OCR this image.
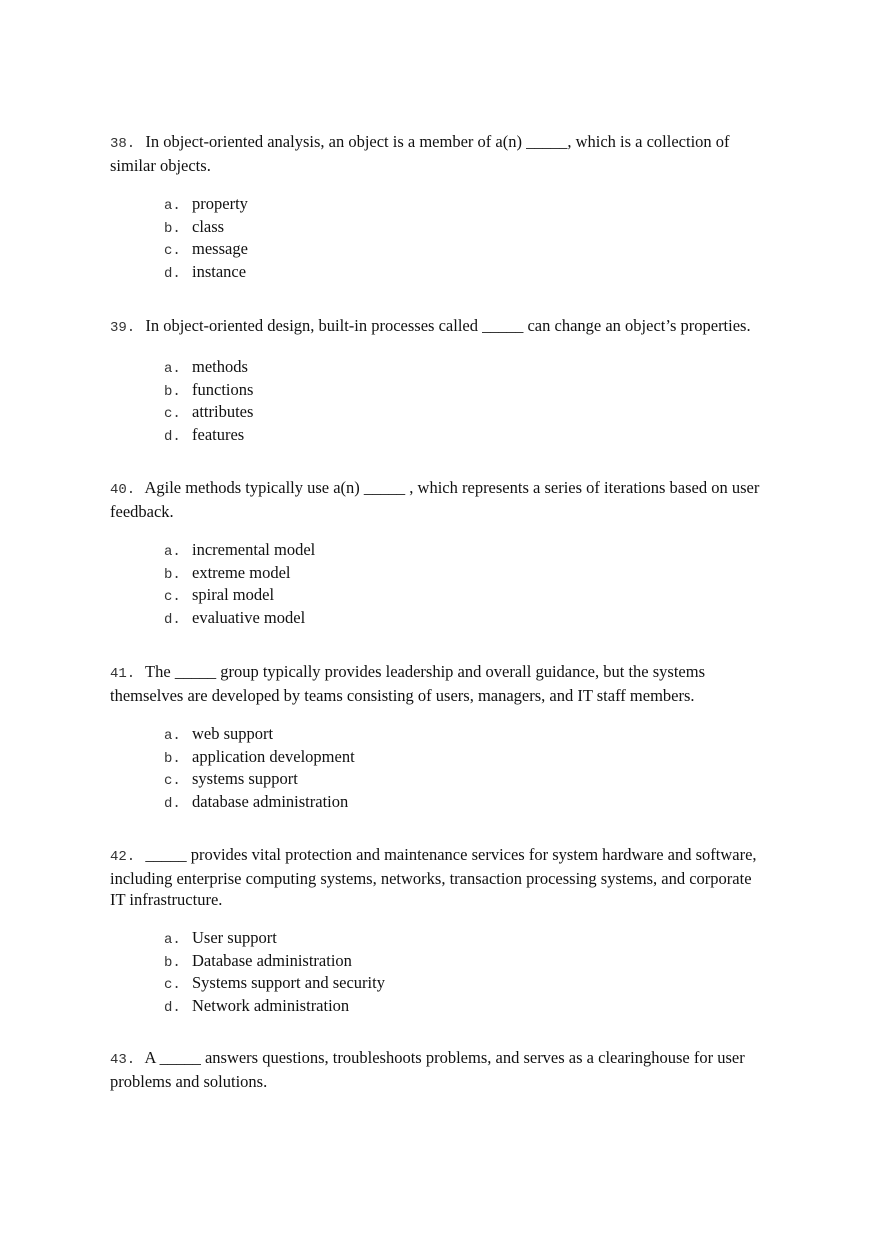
38. In object-oriented analysis, an object is a member of a(n) _____, which is a collection of similar objects.

a. property
b. class
c. message
d. instance

39. In object-oriented design, built-in processes called _____ can change an object’s properties.

a. methods
b. functions
c. attributes
d. features

40. Agile methods typically use a(n) _____ , which represents a series of iterations based on user feedback.

a. incremental model
b. extreme model
c. spiral model
d. evaluative model

41. The _____ group typically provides leadership and overall guidance, but the systems themselves are developed by teams consisting of users, managers, and IT staff members.

a. web support
b. application development
c. systems support
d. database administration

42. _____ provides vital protection and maintenance services for system hardware and software, including enterprise computing systems, networks, transaction processing systems, and corporate IT infrastructure.

a. User support
b. Database administration
c. Systems support and security
d. Network administration

43. A _____ answers questions, troubleshoots problems, and serves as a clearinghouse for user problems and solutions.
